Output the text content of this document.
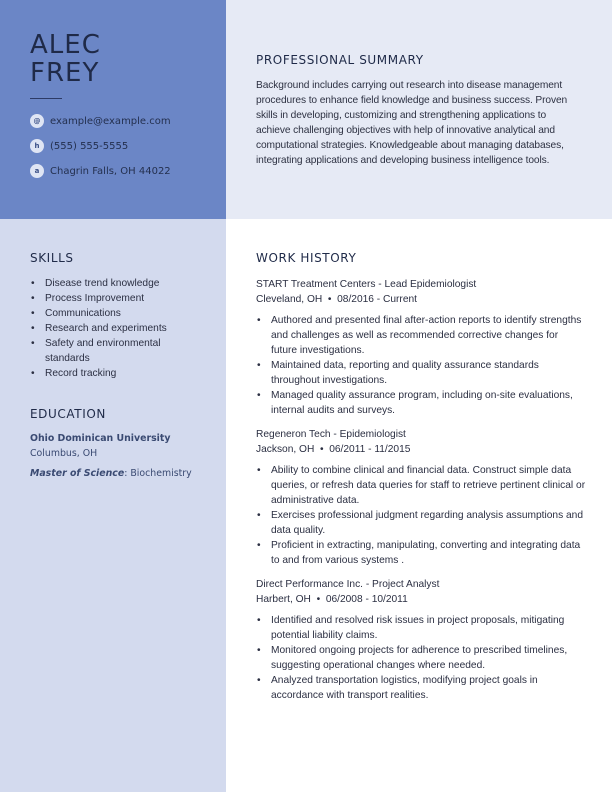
ALEC
FREY
@ example@example.com
h	(555) 555-5555
a	Chagrin Falls, OH 44022
PROFESSIONAL SUMMARY
Background includes carrying out research into disease management procedures to enhance field knowledge and business success. Proven skills in developing, customizing and strengthening applications to achieve challenging objectives with help of innovative analytical and computational strategies. Knowledgeable about managing databases, integrating applications and developing business intelligence tools.
SKILLS
• Disease trend knowledge
• Process Improvement
• Communications
• Research and experiments
• Safety and environmental standards
• Record tracking
EDUCATION
Ohio Dominican University
Columbus, OH
Master of Science: Biochemistry
WORK HISTORY
START Treatment Centers - Lead Epidemiologist
Cleveland, OH  •  08/2016 - Current
• Authored and presented final after-action reports to identify strengths and challenges as well as recommended corrective changes for future investigations.
• Maintained data, reporting and quality assurance standards throughout investigations.
• Managed quality assurance program, including on-site evaluations, internal audits and surveys.
Regeneron Tech - Epidemiologist
Jackson, OH  •  06/2011 - 11/2015
• Ability to combine clinical and financial data. Construct simple data queries, or refresh data queries for staff to retrieve pertinent clinical or administrative data.
• Exercises professional judgment regarding analysis assumptions and data quality.
• Proficient in extracting, manipulating, converting and integrating data to and from various systems .
Direct Performance Inc. - Project Analyst
Harbert, OH  •  06/2008 - 10/2011
• Identified and resolved risk issues in project proposals, mitigating potential liability claims.
• Monitored ongoing projects for adherence to prescribed timelines, suggesting operational changes where needed.
• Analyzed transportation logistics, modifying project goals in accordance with transport realities.
